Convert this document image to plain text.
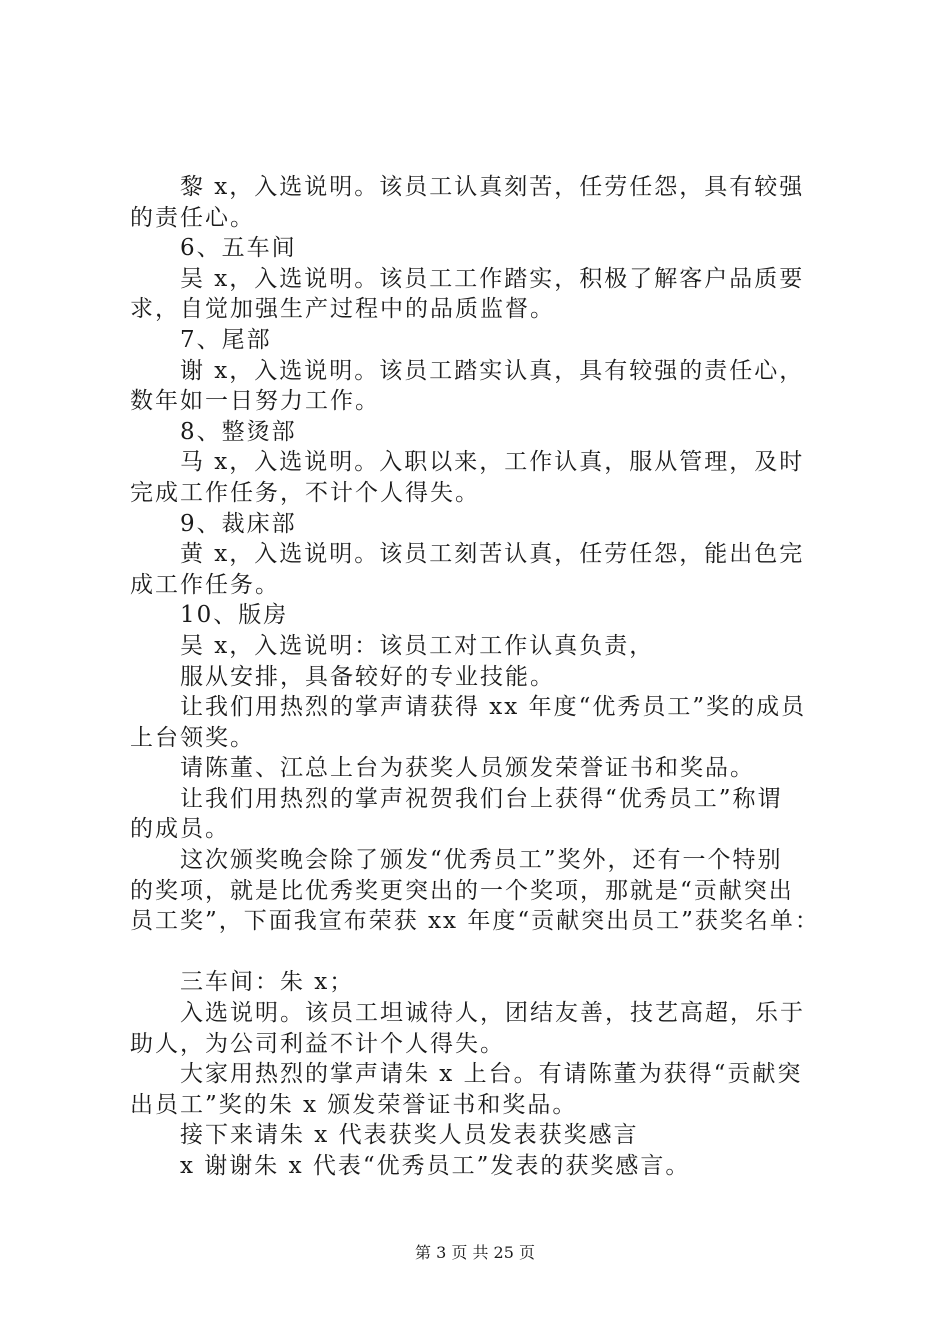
黎 x，入选说明。该员工认真刻苦，任劳任怨，具有较强
的责任心。
6、五车间
吴 x，入选说明。该员工工作踏实，积极了解客户品质要
求，自觉加强生产过程中的品质监督。
7、尾部
谢 x，入选说明。该员工踏实认真，具有较强的责任心，
数年如一日努力工作。
8、整烫部
马 x，入选说明。入职以来，工作认真，服从管理，及时
完成工作任务，不计个人得失。
9、裁床部
黄 x，入选说明。该员工刻苦认真，任劳任怨，能出色完
成工作任务。
10、版房
吴 x，入选说明：该员工对工作认真负责，
服从安排，具备较好的专业技能。
让我们用热烈的掌声请获得 xx 年度“优秀员工”奖的成员
上台领奖。
请陈董、江总上台为获奖人员颁发荣誉证书和奖品。
让我们用热烈的掌声祝贺我们台上获得“优秀员工”称谓
的成员。
这次颁奖晚会除了颁发“优秀员工”奖外，还有一个特别
的奖项，就是比优秀奖更突出的一个奖项，那就是“贡献突出
员工奖”，下面我宣布荣获 xx 年度“贡献突出员工”获奖名单：
三车间：朱 x；
入选说明。该员工坦诚待人，团结友善，技艺高超，乐于
助人，为公司利益不计个人得失。
大家用热烈的掌声请朱 x 上台。有请陈董为获得“贡献突
出员工”奖的朱 x 颁发荣誉证书和奖品。
接下来请朱 x 代表获奖人员发表获奖感言
x 谢谢朱 x 代表“优秀员工”发表的获奖感言。
第 3 页 共 25 页
